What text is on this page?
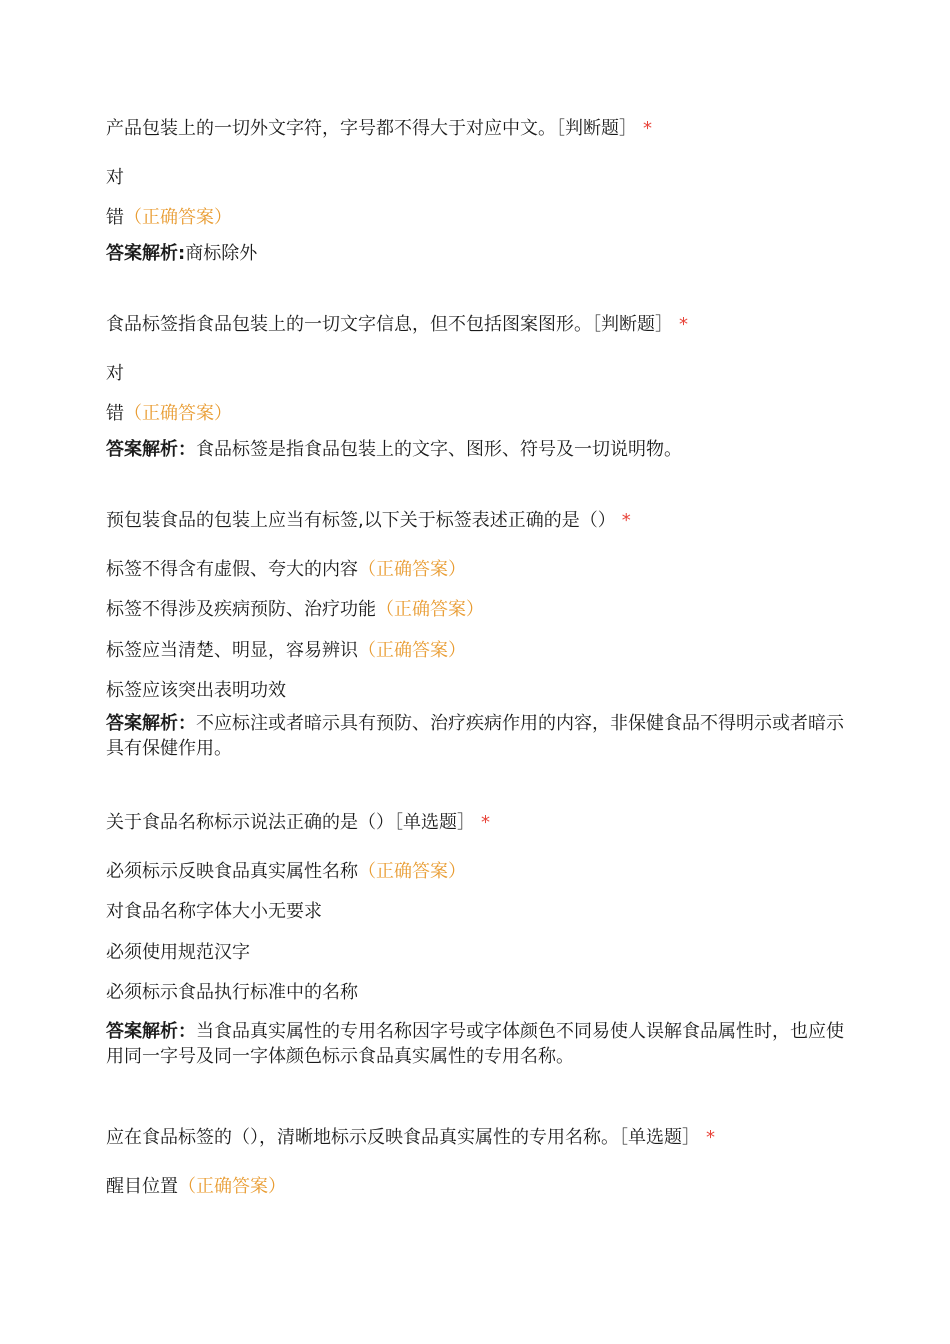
产品包装上的一切外文字符，字号都不得大于对应中文。［判断题］ *
对
错（正确答案）
答案解析:商标除外
食品标签指食品包装上的一切文字信息，但不包括图案图形。［判断题］ *
对
错（正确答案）
答案解析：食品标签是指食品包装上的文字、图形、符号及一切说明物。
预包装食品的包装上应当有标签,以下关于标签表述正确的是（） *
标签不得含有虚假、夸大的内容（正确答案）
标签不得涉及疾病预防、治疗功能（正确答案）
标签应当清楚、明显，容易辨识（正确答案）
标签应该突出表明功效
答案解析：不应标注或者暗示具有预防、治疗疾病作用的内容，非保健食品不得明示或者暗示具有保健作用。
关于食品名称标示说法正确的是（）［单选题］ *
必须标示反映食品真实属性名称（正确答案）
对食品名称字体大小无要求
必须使用规范汉字
必须标示食品执行标准中的名称
答案解析：当食品真实属性的专用名称因字号或字体颜色不同易使人误解食品属性时，也应使用同一字号及同一字体颜色标示食品真实属性的专用名称。
应在食品标签的（），清晰地标示反映食品真实属性的专用名称。［单选题］ *
醒目位置（正确答案）
